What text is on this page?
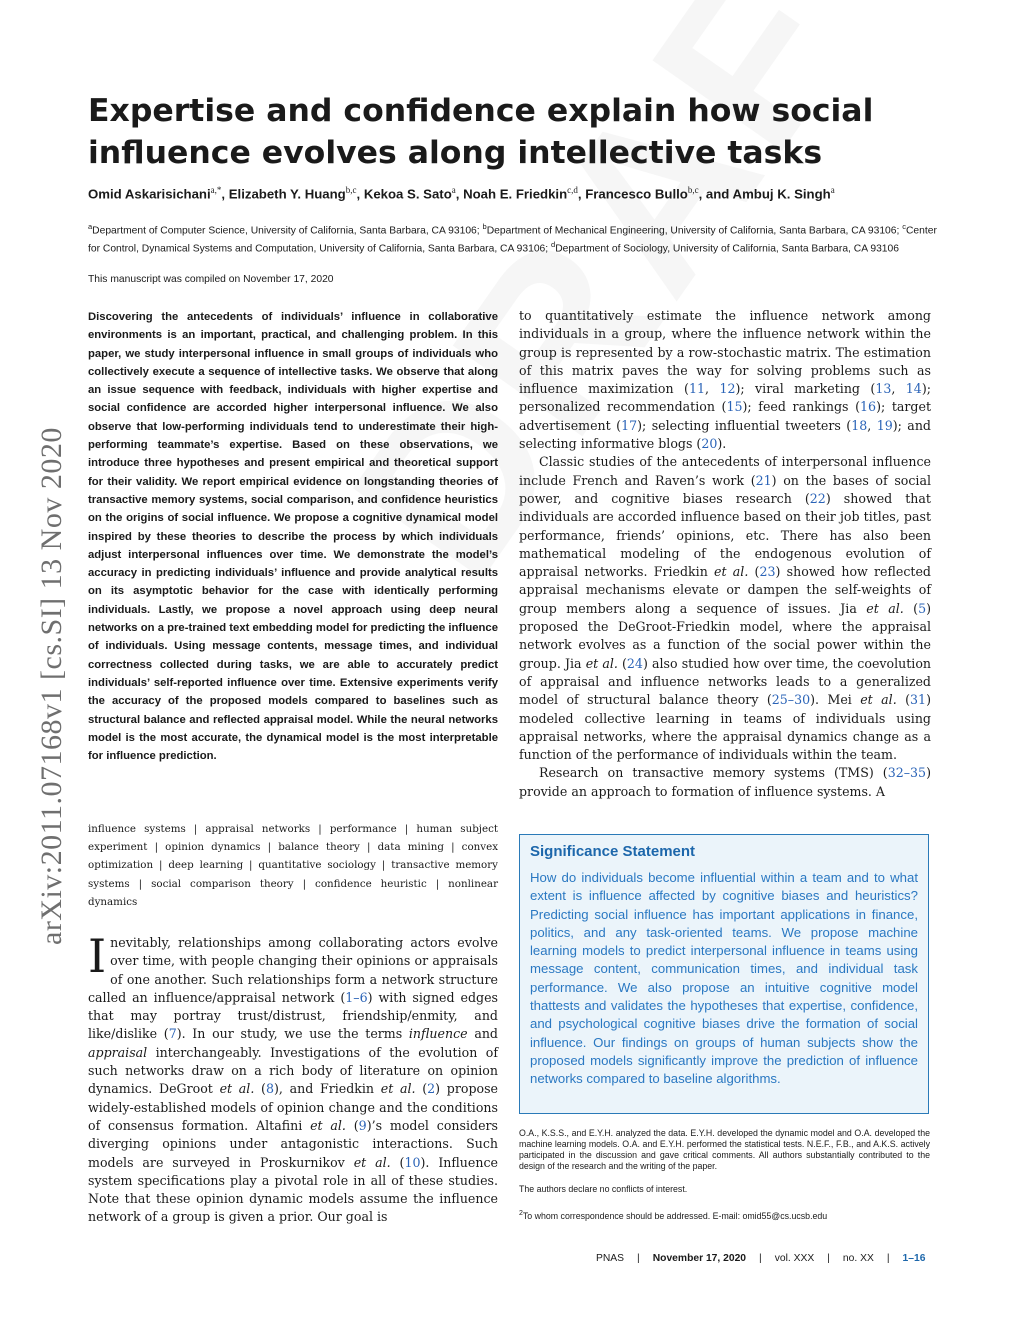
arXiv:2011.07168v1 [cs.SI] 13 Nov 2020
Expertise and confidence explain how social influence evolves along intellective tasks
Omid Askarisichani$^{a,*}$, Elizabeth Y. Huang$^{b,c}$, Kekoa S. Sato$^a$, Noah E. Friedkin$^{c,d}$, Francesco Bullo$^{b,c}$, and Ambuj K. Singh$^a$
$^a$Department of Computer Science, University of California, Santa Barbara, CA 93106; $^b$Department of Mechanical Engineering, University of California, Santa Barbara, CA 93106; $^c$Center for Control, Dynamical Systems and Computation, University of California, Santa Barbara, CA 93106; $^d$Department of Sociology, University of California, Santa Barbara, CA 93106
This manuscript was compiled on November 17, 2020
Discovering the antecedents of individuals’ influence in collaborative environments is an important, practical, and challenging problem. In this paper, we study interpersonal influence in small groups of individuals who collectively execute a sequence of intellective tasks. We observe that along an issue sequence with feedback, individuals with higher expertise and social confidence are accorded higher interpersonal influence. We also observe that low-performing individuals tend to underestimate their high-performing teammate’s expertise. Based on these observations, we introduce three hypotheses and present empirical and theoretical support for their validity. We report empirical evidence on longstanding theories of transactive memory systems, social comparison, and confidence heuristics on the origins of social influence. We propose a cognitive dynamical model inspired by these theories to describe the process by which individuals adjust interpersonal influences over time. We demonstrate the model’s accuracy in predicting individuals’ influence and provide analytical results on its asymptotic behavior for the case with identically performing individuals. Lastly, we propose a novel approach using deep neural networks on a pre-trained text embedding model for predicting the influence of individuals. Using message contents, message times, and individual correctness collected during tasks, we are able to accurately predict individuals’ self-reported influence over time. Extensive experiments verify the accuracy of the proposed models compared to baselines such as structural balance and reflected appraisal model. While the neural networks model is the most accurate, the dynamical model is the most interpretable for influence prediction.
influence systems | appraisal networks | performance | human subject experiment | opinion dynamics | balance theory | data mining | convex optimization | deep learning | quantitative sociology | transactive memory systems | social comparison theory | confidence heuristic | nonlinear dynamics
Inevitably, relationships among collaborating actors evolve over time, with people changing their opinions or appraisals of one another. Such relationships form a network structure called an influence/appraisal network (1–6) with signed edges that may portray trust/distrust, friendship/enmity, and like/dislike (7). In our study, we use the terms influence and appraisal interchangeably. Investigations of the evolution of such networks draw on a rich body of literature on opinion dynamics. DeGroot et al. (8), and Friedkin et al. (2) propose widely-established models of opinion change and the conditions of consensus formation. Altafini et al. (9)’s model considers diverging opinions under antagonistic interactions. Such models are surveyed in Proskurnikov et al. (10). Influence system specifications play a pivotal role in all of these studies. Note that these opinion dynamic models assume the influence network of a group is given a prior. Our goal is

to quantitatively estimate the influence network among individuals in a group, where the influence network within the group is represented by a row-stochastic matrix. The estimation of this matrix paves the way for solving problems such as influence maximization (11, 12); viral marketing (13, 14); personalized recommendation (15); feed rankings (16); target advertisement (17); selecting influential tweeters (18, 19); and selecting informative blogs (20).

Classic studies of the antecedents of interpersonal influence include French and Raven’s work (21) on the bases of social power, and cognitive biases research (22) showed that individuals are accorded influence based on their job titles, past performance, friends’ opinions, etc. There has also been mathematical modeling of the endogenous evolution of appraisal networks. Friedkin et al. (23) showed how reflected appraisal mechanisms elevate or dampen the self-weights of group members along a sequence of issues. Jia et al. (5) proposed the DeGroot-Friedkin model, where the appraisal network evolves as a function of the social power within the group. Jia et al. (24) also studied how over time, the coevolution of appraisal and influence networks leads to a generalized model of structural balance theory (25–30). Mei et al. (31) modeled collective learning in teams of individuals using appraisal networks, where the appraisal dynamics change as a function of the performance of individuals within the team.

Research on transactive memory systems (TMS) (32–35) provide an approach to formation of influence systems. A

Significance Statement
How do individuals become influential within a team and to what extent is influence affected by cognitive biases and heuristics? Predicting social influence has important applications in finance, politics, and any task-oriented teams. We propose machine learning models to predict interpersonal influence in teams using message content, communication times, and individual task performance. We also propose an intuitive cognitive model thattests and validates the hypotheses that expertise, confidence, and psychological cognitive biases drive the formation of social influence. Our findings on groups of human subjects show the proposed models significantly improve the prediction of influence networks compared to baseline algorithms.
O.A., K.S.S., and E.Y.H. analyzed the data. E.Y.H. developed the dynamic model and O.A. developed the machine learning models. O.A. and E.Y.H. performed the statistical tests. N.E.F., F.B., and A.K.S. actively participated in the discussion and gave critical comments. All authors substantially contributed to the design of the research and the writing of the paper.
The authors declare no conflicts of interest.
$^2$To whom correspondence should be addressed. E-mail: omid55@cs.ucsb.edu
PNAS | November 17, 2020 | vol. XXX | no. XX | 1–16
